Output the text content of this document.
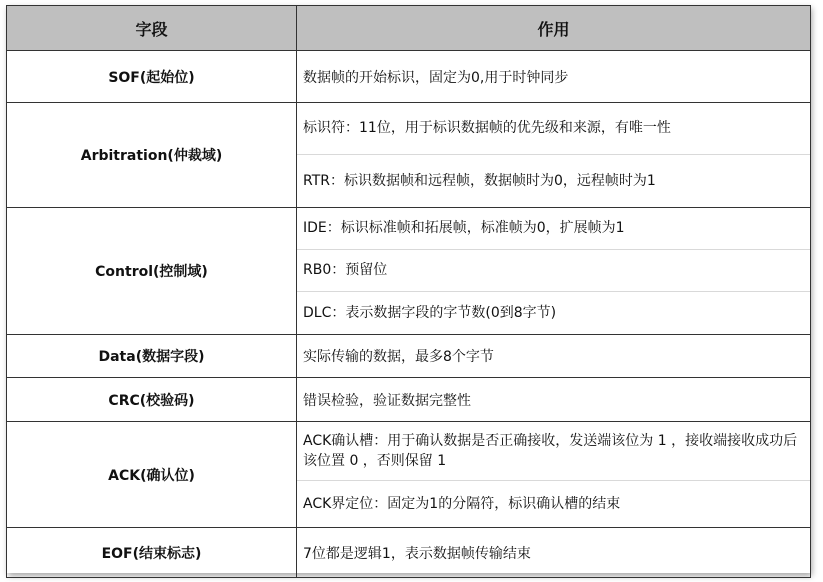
字段	作用
SOF(起始位)	数据帧的开始标识，固定为0,用于时钟同步
Arbitration(仲裁域)	标识符：11位，用于标识数据帧的优先级和来源，有唯一性
RTR：标识数据帧和远程帧，数据帧时为0，远程帧时为1

Control(控制域)	IDE：标识标准帧和拓展帧，标准帧为0，扩展帧为1
RB0：预留位
DLC：表示数据字段的字节数(0到8字节)

Data(数据字段)	实际传输的数据，最多8个字节
CRC(校验码)	错误检验，验证数据完整性
ACK(确认位)	ACK确认槽：用于确认数据是否正确接收，发送端该位为 1 ，接收端接收成功后该位置 0 ，否则保留 1
ACK界定位：固定为1的分隔符，标识确认槽的结束

EOF(结束标志)	7位都是逻辑1，表示数据帧传输结束
